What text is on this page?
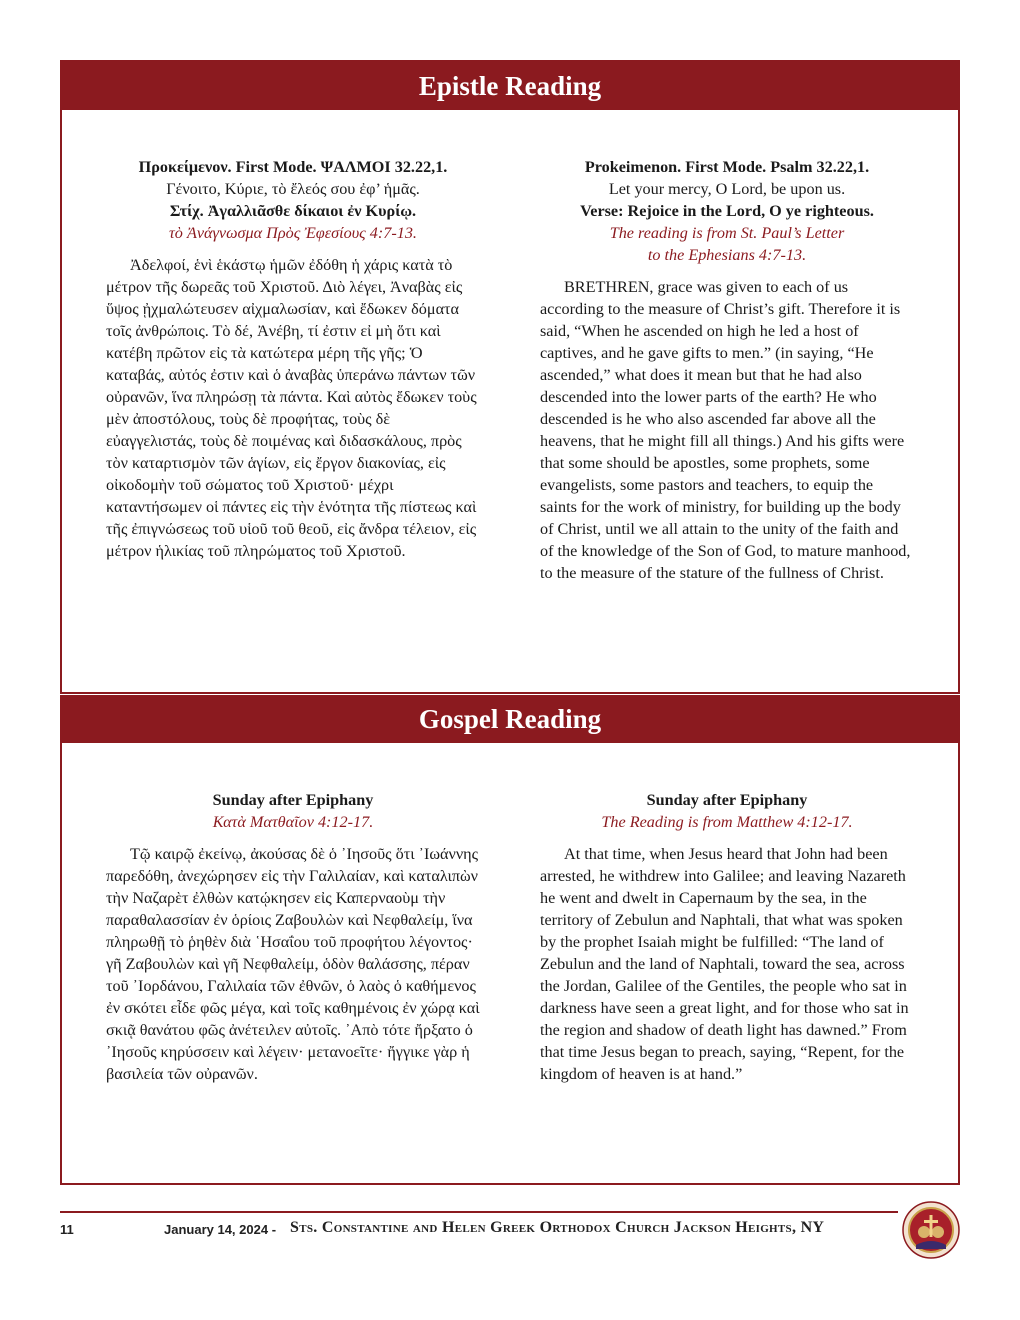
Epistle Reading
Προκείμενον. First Mode. ΨΑΛΜΟΙ 32.22,1.
Γένοιτο, Κύριε, τὸ ἔλεός σου ἐφ’ ἡμᾶς.
Στίχ. Ἀγαλλιᾶσθε δίκαιοι ἐν Κυρίῳ.
τὸ Ἀνάγνωσμα Πρὸς Ἐφεσίους 4:7-13.

Ἀδελφοί, ἑνὶ ἑκάστῳ ἡμῶν ἐδόθη ἡ χάρις κατὰ τὸ μέτρον τῆς δωρεᾶς τοῦ Χριστοῦ. Διὸ λέγει, Ἀναβὰς εἰς ὕψος ᾐχμαλώτευσεν αἰχμαλωσίαν, καὶ ἔδωκεν δόματα τοῖς ἀνθρώποις. Τὸ δέ, Ἀνέβη, τί ἐστιν εἰ μὴ ὅτι καὶ κατέβη πρῶτον εἰς τὰ κατώτερα μέρη τῆς γῆς; Ὁ καταβάς, αὐτός ἐστιν καὶ ὁ ἀναβὰς ὑπεράνω πάντων τῶν οὐρανῶν, ἵνα πληρώσῃ τὰ πάντα. Καὶ αὐτὸς ἔδωκεν τοὺς μὲν ἀποστόλους, τοὺς δὲ προφήτας, τοὺς δὲ εὐαγγελιστάς, τοὺς δὲ ποιμένας καὶ διδασκάλους, πρὸς τὸν καταρτισμὸν τῶν ἁγίων, εἰς ἔργον διακονίας, εἰς οἰκοδομὴν τοῦ σώματος τοῦ Χριστοῦ· μέχρι καταντήσωμεν οἱ πάντες εἰς τὴν ἑνότητα τῆς πίστεως καὶ τῆς ἐπιγνώσεως τοῦ υἱοῦ τοῦ θεοῦ, εἰς ἄνδρα τέλειον, εἰς μέτρον ἡλικίας τοῦ πληρώματος τοῦ Χριστοῦ.

Prokeimenon. First Mode. Psalm 32.22,1.
Let your mercy, O Lord, be upon us.
Verse: Rejoice in the Lord, O ye righteous.
The reading is from St. Paul’s Letter
to the Ephesians 4:7-13.

BRETHREN, grace was given to each of us according to the measure of Christ’s gift. Therefore it is said, “When he ascended on high he led a host of captives, and he gave gifts to men.” (in saying, “He ascended,” what does it mean but that he had also descended into the lower parts of the earth? He who descended is he who also ascended far above all the heavens, that he might fill all things.) And his gifts were that some should be apostles, some prophets, some evangelists, some pastors and teachers, to equip the saints for the work of ministry, for building up the body of Christ, until we all attain to the unity of the faith and of the knowledge of the Son of God, to mature manhood, to the measure of the stature of the fullness of Christ.

Gospel Reading
Sunday after Epiphany
Κατὰ Ματθαῖον 4:12-17.

Τῷ καιρῷ ἐκείνῳ, ἀκούσας δὲ ὁ ᾿Ιησοῦς ὅτι ᾿Ιωάννης παρεδόθη, ἀνεχώρησεν εἰς τὴν Γαλιλαίαν, καὶ καταλιπὼν τὴν Ναζαρὲτ ἐλθὼν κατῴκησεν εἰς Καπερναοὺμ τὴν παραθαλασσίαν ἐν ὁρίοις Ζαβουλὼν καὶ Νεφθαλείμ, ἵνα πληρωθῇ τὸ ῥηθὲν διὰ ῾Ησαΐου τοῦ προφήτου λέγοντος· γῆ Ζαβουλὼν καὶ γῆ Νεφθαλείμ, ὁδὸν θαλάσσης, πέραν τοῦ ᾿Ιορδάνου, Γαλιλαία τῶν ἐθνῶν, ὁ λαὸς ὁ καθήμενος ἐν σκότει εἶδε φῶς μέγα, καὶ τοῖς καθημένοις ἐν χώρᾳ καὶ σκιᾷ θανάτου φῶς ἀνέτειλεν αὐτοῖς. ᾿Απὸ τότε ἤρξατο ὁ ᾿Ιησοῦς κηρύσσειν καὶ λέγειν· μετανοεῖτε· ἤγγικε γὰρ ἡ βασιλεία τῶν οὐρανῶν.

Sunday after Epiphany
The Reading is from Matthew 4:12-17.

At that time, when Jesus heard that John had been arrested, he withdrew into Galilee; and leaving Nazareth he went and dwelt in Capernaum by the sea, in the territory of Zebulun and Naphtali, that what was spoken by the prophet Isaiah might be fulfilled: “The land of Zebulun and the land of Naphtali, toward the sea, across the Jordan, Galilee of the Gentiles, the people who sat in darkness have seen a great light, and for those who sat in the region and shadow of death light has dawned.” From that time Jesus began to preach, saying, “Repent, for the kingdom of heaven is at hand.”

11	January 14, 2024 - Sts. Constantine and Helen Greek Orthodox Church Jackson Heights, NY
